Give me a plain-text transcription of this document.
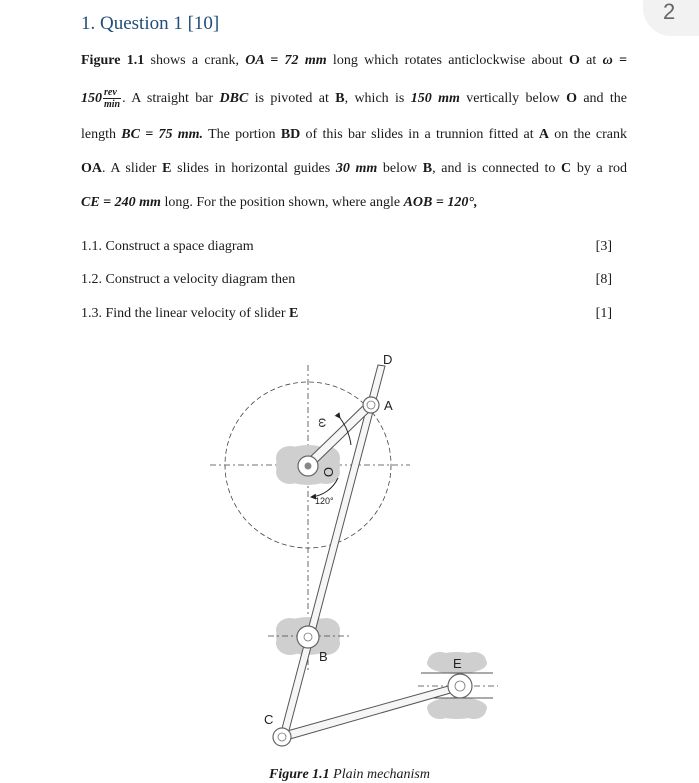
2
1. Question 1 [10]
Figure 1.1 shows a crank, OA = 72 mm long which rotates anticlockwise about O at ω =
$150 \frac{\text{rev}}{\min}$ . A straight bar DBC is pivoted at B, which is 150 mm vertically below O and the
length BC = 75 mm. The portion BD of this bar slides in a trunnion fitted at A on the crank
OA. A slider E slides in horizontal guides 30 mm below B, and is connected to C by a rod
CE = 240 mm long. For the position shown, where angle AOB = 120°,
1.1. Construct a space diagram	[3]
1.2. Construct a velocity diagram then	[8]
1.3. Find the linear velocity of slider E	[1]
D
A
O
ω
120°
B
C
E
Figure 1.1 Plain mechanism
